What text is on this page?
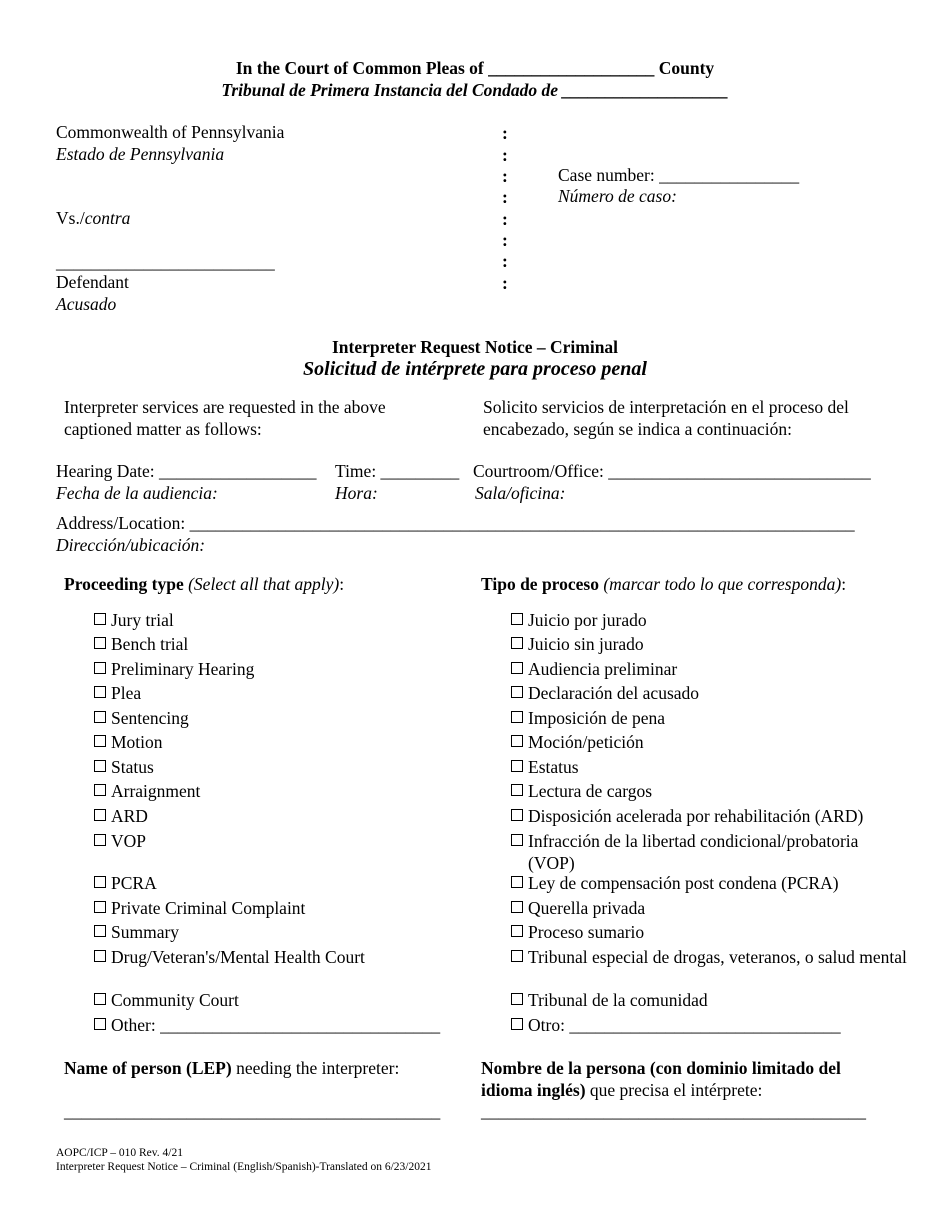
In the Court of Common Pleas of ___________________ County
Tribunal de Primera Instancia del Condado de ___________________
Commonwealth of Pennsylvania
Estado de Pennsylvania
Vs./contra
_________________________
Defendant
Acusado
:
:
:
:
:
:
:
:
Case number: ________________
Número de caso:
Interpreter Request Notice – Criminal
Solicitud de intérprete para proceso penal
Interpreter services are requested in the above captioned matter as follows:
Solicito servicios de interpretación en el proceso del encabezado, según se indica a continuación:
Hearing Date: __________________
Fecha de la audiencia:
Time: _________
Hora:
Courtroom/Office: ______________________________
Sala/oficina:
Address/Location: ____________________________________________________________________________
Dirección/ubicación:
Proceeding type (Select all that apply):	Tipo de proceso (marcar todo lo que corresponda):
Jury trial
Bench trial
Preliminary Hearing
Plea
Sentencing
Motion
Status
Arraignment
ARD
VOP
PCRA
Private Criminal Complaint
Summary
Drug/Veteran's/Mental Health Court
Community Court
Other: ________________________________
Juicio por jurado
Juicio sin jurado
Audiencia preliminar
Declaración del acusado
Imposición de pena
Moción/petición
Estatus
Lectura de cargos
Disposición acelerada por rehabilitación (ARD)
Infracción de la libertad condicional/probatoria (VOP)
Ley de compensación post condena (PCRA)
Querella privada
Proceso sumario
Tribunal especial de drogas, veteranos, o salud mental
Tribunal de la comunidad
Otro: _______________________________
Name of person (LEP) needing the interpreter:	Nombre de la persona (con dominio limitado del idioma inglés) que precisa el intérprete:
___________________________________________ ____________________________________________
AOPC/ICP – 010 Rev. 4/21
Interpreter Request Notice – Criminal (English/Spanish)-Translated on 6/23/2021
